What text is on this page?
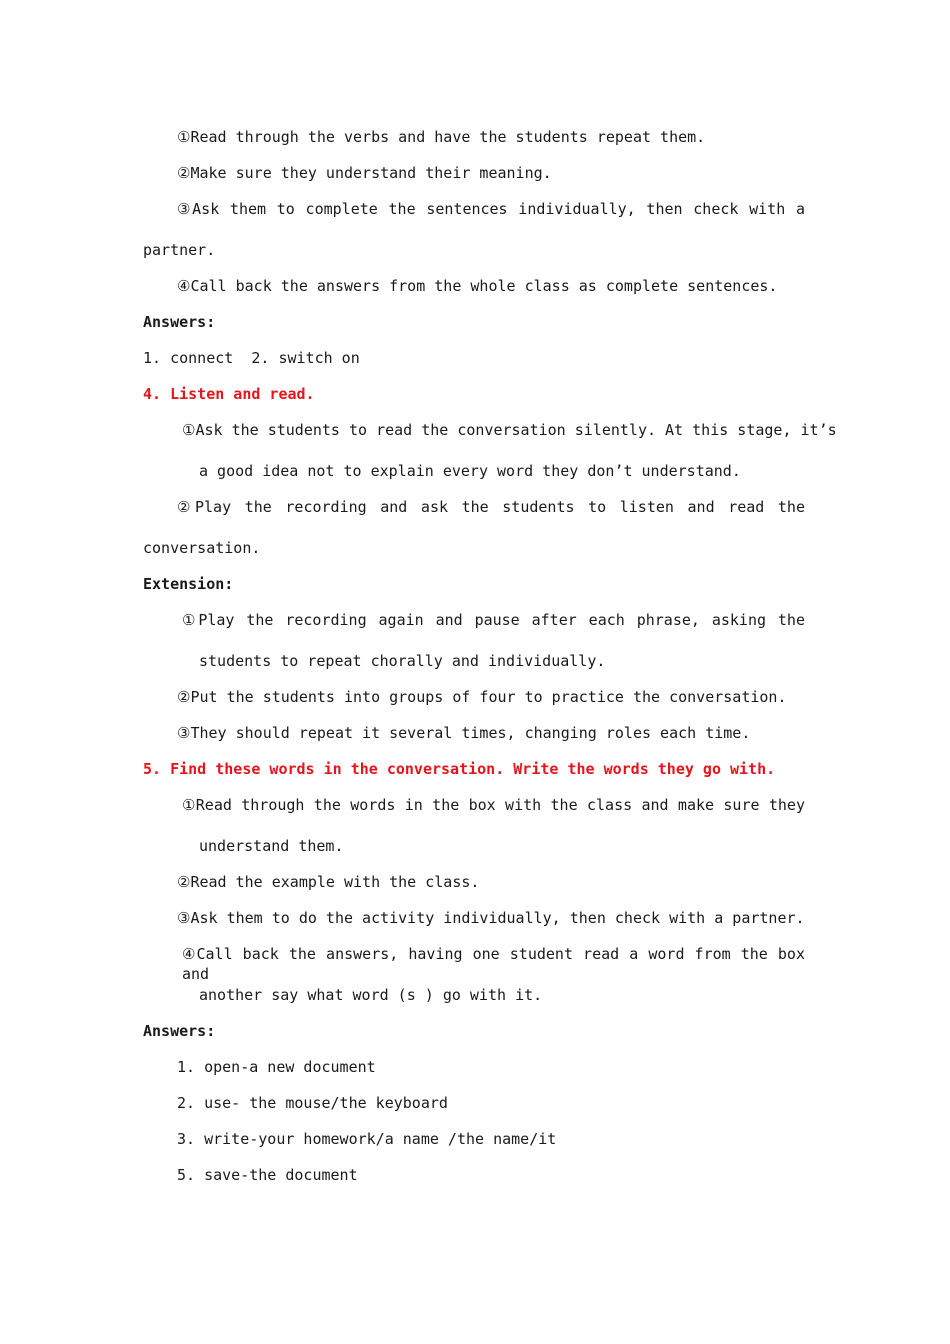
①Read through the verbs and have the students repeat them.
②Make sure they understand their meaning.
③Ask them to complete the sentences individually, then check with a
partner.
④Call back the answers from the whole class as complete sentences.
Answers:
1. connect  2. switch on
4. Listen and read.
①Ask the students to read the conversation silently. At this stage, it’s
a good idea not to explain every word they don’t understand.
②Play the recording and ask the students to listen and read the
conversation.
Extension:
①Play the recording again and pause after each phrase, asking the
students to repeat chorally and individually.
②Put the students into groups of four to practice the conversation.
③They should repeat it several times, changing roles each time.
5. Find these words in the conversation. Write the words they go with.
①Read through the words in the box with the class and make sure they
understand them.
②Read the example with the class.
③Ask them to do the activity individually, then check with a partner.
④Call back the answers, having one student read a word from the box and
another say what word (s ) go with it.
Answers:
1. open-a new document
2. use- the mouse/the keyboard
3. write-your homework/a name /the name/it
5. save-the document
